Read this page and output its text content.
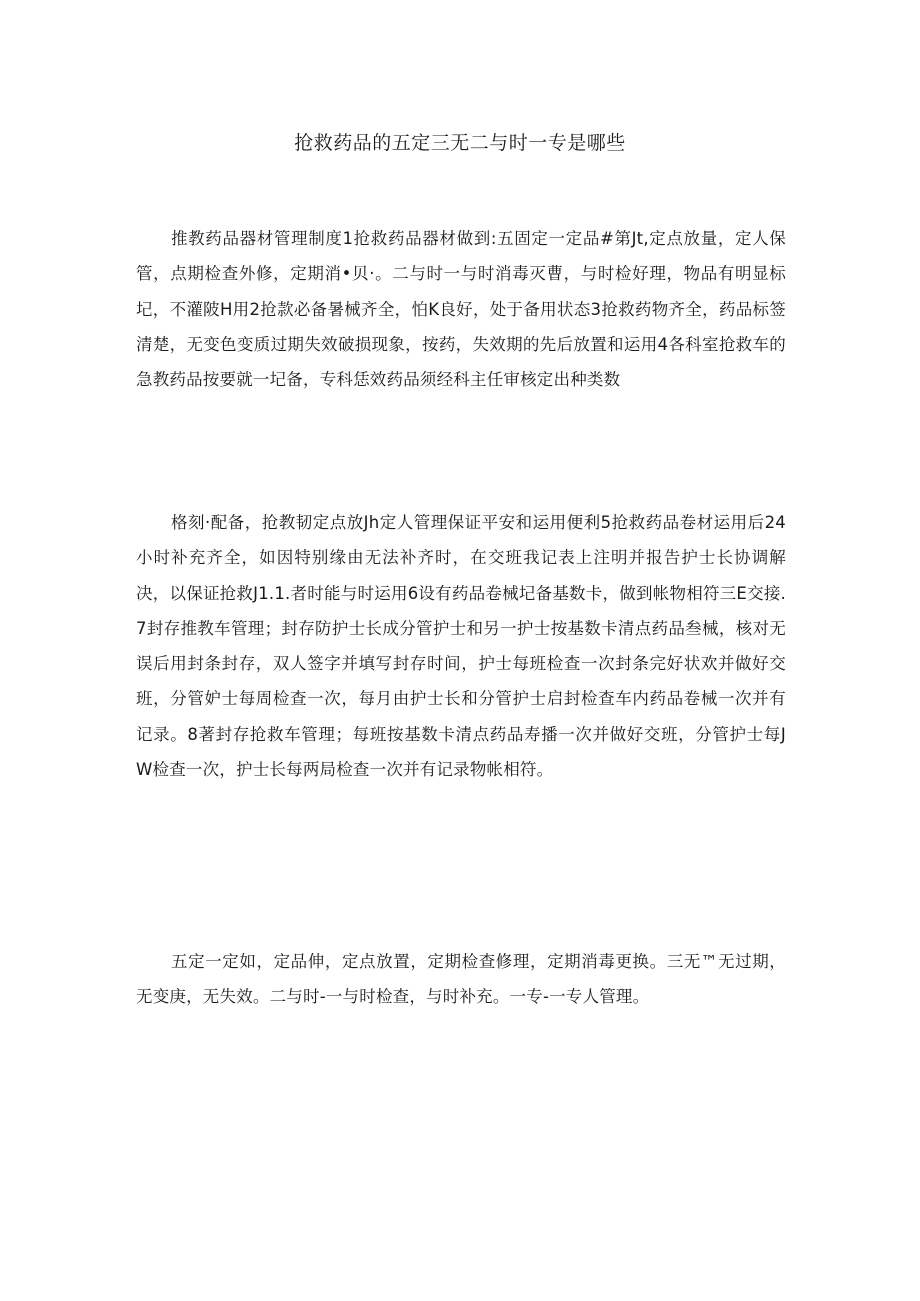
抢救药品的五定三无二与时一专是哪些

推教药品器材管理制度1抢救药品器材做到:五固定一定品#第Jt,定点放量，定人保管，点期检查外修，定期消•贝·。二与时一与时消毒灭曹，与时检好理，物品有明显标圮，不灌陂H用2抢款必备暑械齐全，怕K良好，处于备用状态3抢救药物齐全，药品标签清楚，无变色变质过期失效破损现象，按药，失效期的先后放置和运用4各科室抢救车的急教药品按要就一圮备，专科恁效药品须经科主任审核定出种类数

格刻·配备，抢教韧定点放Jh定人管理保证平安和运用便利5抢救药品卷材运用后24小时补充齐全，如因特别缘由无法补齐时，在交班我记表上注明并报告护士长协调解决，以保证抢救J1.1.者时能与时运用6设有药品卷械圮备基数卡，做到帐物相符三E交接.7封存推教车管理；封存防护士长成分管护士和另一护士按基数卡清点药品叁械，核对无误后用封条封存，双人签字并填写封存时间，护士每班检查一次封条完好状欢并做好交班，分管妒士每周检查一次，每月由护士长和分管护士启封检查车内药品卷械一次并有记录。8著封存抢救车管理；每班按基数卡清点药品寿播一次并做好交班，分管护士每JW检查一次，护士长每两局检查一次并有记录物帐相符。

五定一定如，定品伸，定点放置，定期检查修理，定期消毒更换。三无™无过期，无变庚，无失效。二与时-一与时检查，与时补充。一专-一专人管理。
